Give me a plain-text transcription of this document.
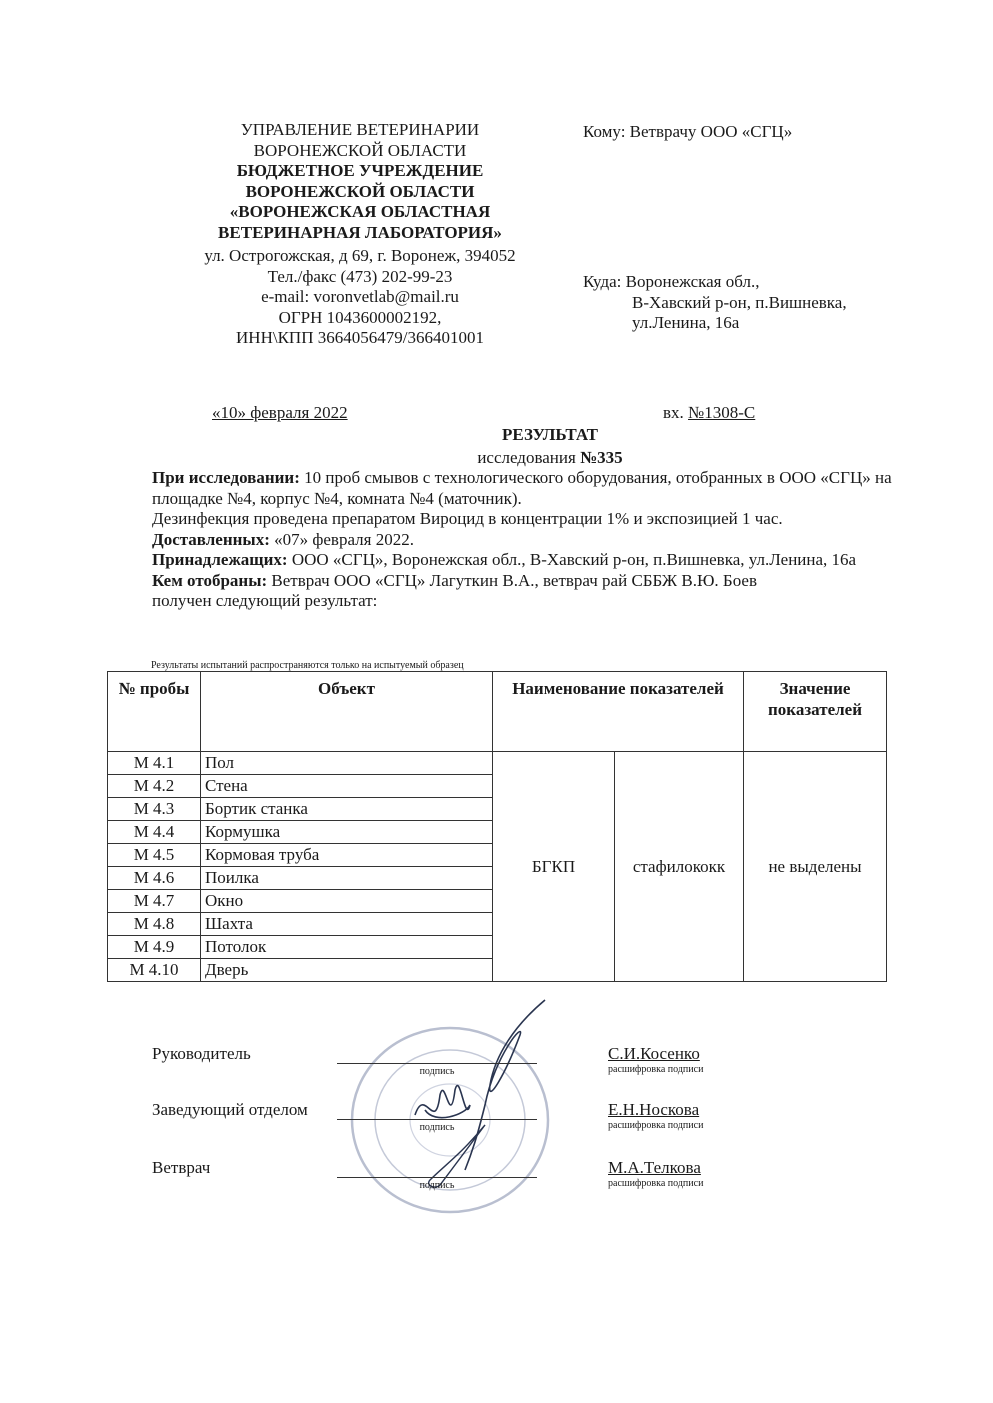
УПРАВЛЕНИЕ ВЕТЕРИНАРИИ
ВОРОНЕЖСКОЙ ОБЛАСТИ
БЮДЖЕТНОЕ УЧРЕЖДЕНИЕ
ВОРОНЕЖСКОЙ ОБЛАСТИ
«ВОРОНЕЖСКАЯ ОБЛАСТНАЯ
ВЕТЕРИНАРНАЯ ЛАБОРАТОРИЯ»
ул. Острогожская, д 69, г. Воронеж, 394052
Тел./факс (473) 202-99-23
e-mail: voronvetlab@mail.ru
ОГРН 1043600002192,
ИНН\КПП 3664056479/366401001
Кому: Ветврачу ООО «СГЦ»
Куда: Воронежская обл.,
В-Хавский р-он, п.Вишневка,
ул.Ленина, 16а
«10» февраля 2022	вх. №1308-С
РЕЗУЛЬТАТ
исследования №335
При исследовании: 10 проб смывов с технологического оборудования, отобранных в ООО «СГЦ» на площадке №4, корпус №4, комната №4 (маточник).
Дезинфекция проведена препаратом Вироцид в концентрации 1% и экспозицией 1 час.
Доставленных: «07» февраля 2022.
Принадлежащих: ООО «СГЦ», Воронежская обл., В-Хавский р-он, п.Вишневка, ул.Ленина, 16а
Кем отобраны: Ветврач ООО «СГЦ» Лагуткин В.А., ветврач рай СББЖ В.Ю. Боев
получен следующий результат:
Результаты испытаний распространяются только на испытуемый образец
№ пробы	Объект	Наименование показателей		Значение показателей
М 4.1	Пол	БГКП	стафилококк	не выделены
М 4.2	Стена			
М 4.3	Бортик станка			
М 4.4	Кормушка			
М 4.5	Кормовая труба			
М 4.6	Поилка			
М 4.7	Окно			
М 4.8	Шахта			
М 4.9	Потолок			
М 4.10	Дверь			
Руководитель
подпись
С.И.Косенко
расшифровка подписи
Заведующий отделом
подпись
Е.Н.Носкова
расшифровка подписи
Ветврач
подпись
М.А.Телкова
расшифровка подписи
